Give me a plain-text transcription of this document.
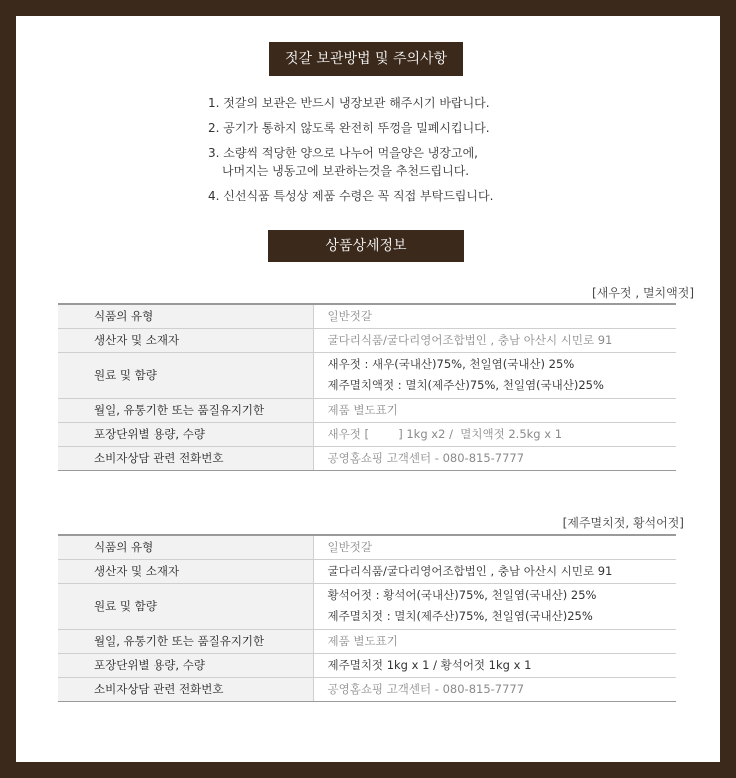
젓갈 보관방법 및 주의사항
1. 젓갈의 보관은 반드시 냉장보관 해주시기 바랍니다.
2. 공기가 통하지 않도록 완전히 뚜껑을 밀폐시킵니다.
3. 소량씩 적당한 양으로 나누어 먹을양은 냉장고에,
나머지는 냉동고에 보관하는것을 추천드립니다.
4. 신선식품 특성상 제품 수령은 꼭 직접 부탁드립니다.
상품상세정보
[새우젓 , 멸치액젓]
식품의 유형	일반젓갈
생산자 및 소재자	굴다리식품/굴다리영어조합법인 , 충남 아산시 시민로 91
원료 및 함량	새우젓 : 새우(국내산)75%, 천일염(국내산) 25%
제주멸치액젓 : 멸치(제주산)75%, 천일염(국내산)25%

월일, 유통기한 또는 품질유지기한	제품 별도표기
포장단위별 용량, 수량	새우젓 [        ] 1kg x2 /  멸치액젓 2.5kg x 1
소비자상담 관련 전화번호	공영홈쇼핑 고객센터 - 080-815-7777
[제주멸치젓, 황석어젓]
식품의 유형	일반젓갈
생산자 및 소재자	굴다리식품/굴다리영어조합법인 , 충남 아산시 시민로 91
원료 및 함량	황석어젓 : 황석어(국내산)75%, 천일염(국내산) 25%
제주멸치젓 : 멸치(제주산)75%, 천일염(국내산)25%

월일, 유통기한 또는 품질유지기한	제품 별도표기
포장단위별 용량, 수량	제주멸치젓 1kg x 1 / 황석어젓 1kg x 1
소비자상담 관련 전화번호	공영홈쇼핑 고객센터 - 080-815-7777
